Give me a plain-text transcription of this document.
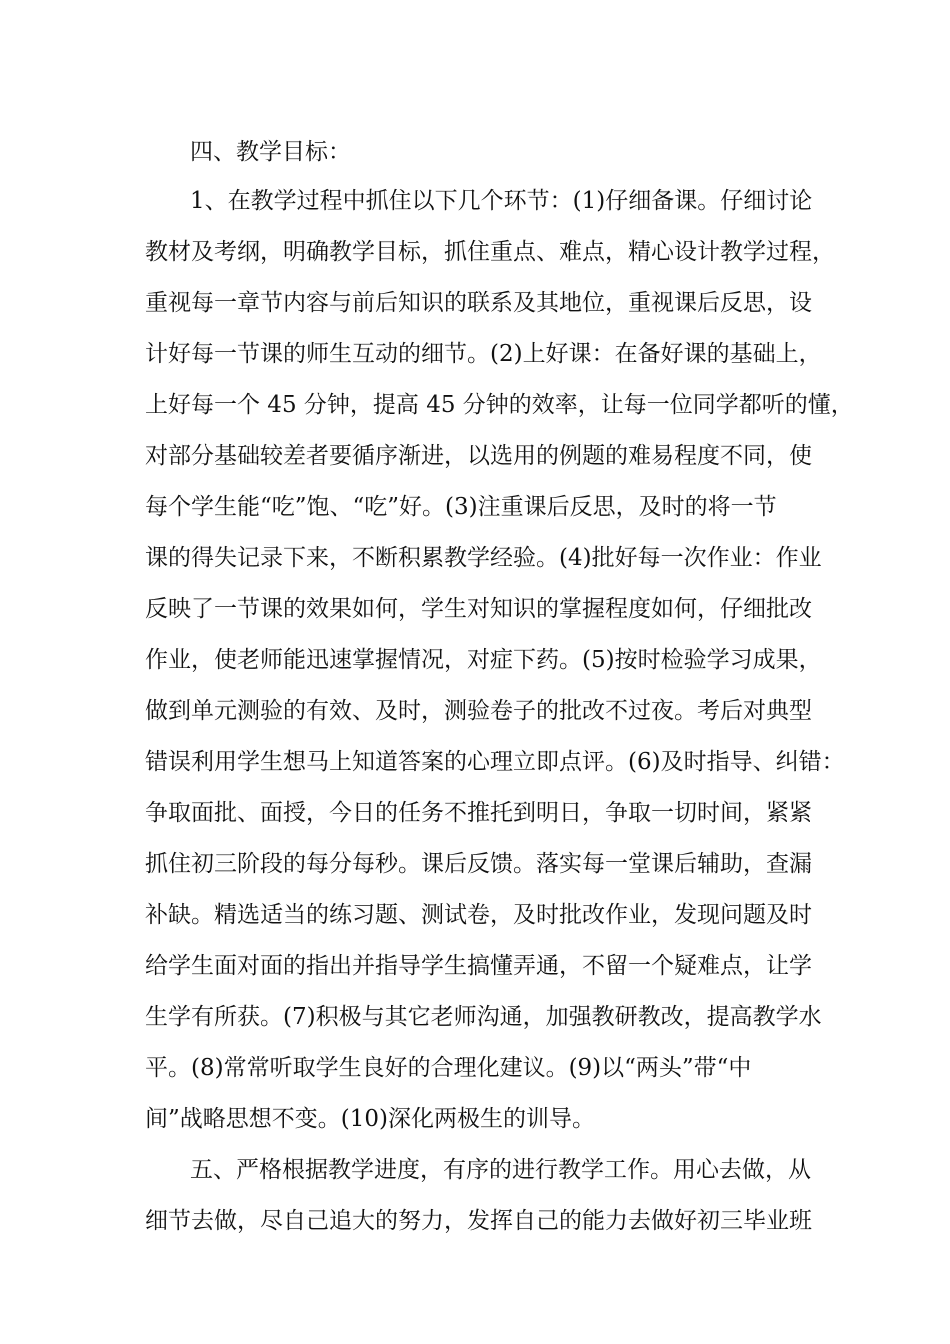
四、教学目标：
1、在教学过程中抓住以下几个环节：(1)仔细备课。仔细讨论
教材及考纲，明确教学目标，抓住重点、难点，精心设计教学过程，
重视每一章节内容与前后知识的联系及其地位，重视课后反思，设
计好每一节课的师生互动的细节。(2)上好课：在备好课的基础上，
上好每一个 45 分钟，提高 45 分钟的效率，让每一位同学都听的懂，
对部分基础较差者要循序渐进，以选用的例题的难易程度不同，使
每个学生能“吃”饱、“吃”好。(3)注重课后反思，及时的将一节
课的得失记录下来，不断积累教学经验。(4)批好每一次作业：作业
反映了一节课的效果如何，学生对知识的掌握程度如何，仔细批改
作业，使老师能迅速掌握情况，对症下药。(5)按时检验学习成果，
做到单元测验的有效、及时，测验卷子的批改不过夜。考后对典型
错误利用学生想马上知道答案的心理立即点评。(6)及时指导、纠错：
争取面批、面授，今日的任务不推托到明日，争取一切时间，紧紧
抓住初三阶段的每分每秒。课后反馈。落实每一堂课后辅助，查漏
补缺。精选适当的练习题、测试卷，及时批改作业，发现问题及时
给学生面对面的指出并指导学生搞懂弄通，不留一个疑难点，让学
生学有所获。(7)积极与其它老师沟通，加强教研教改，提高教学水
平。(8)常常听取学生良好的合理化建议。(9)以“两头”带“中
间”战略思想不变。(10)深化两极生的训导。
五、严格根据教学进度，有序的进行教学工作。用心去做，从
细节去做，尽自己追大的努力，发挥自己的能力去做好初三毕业班
